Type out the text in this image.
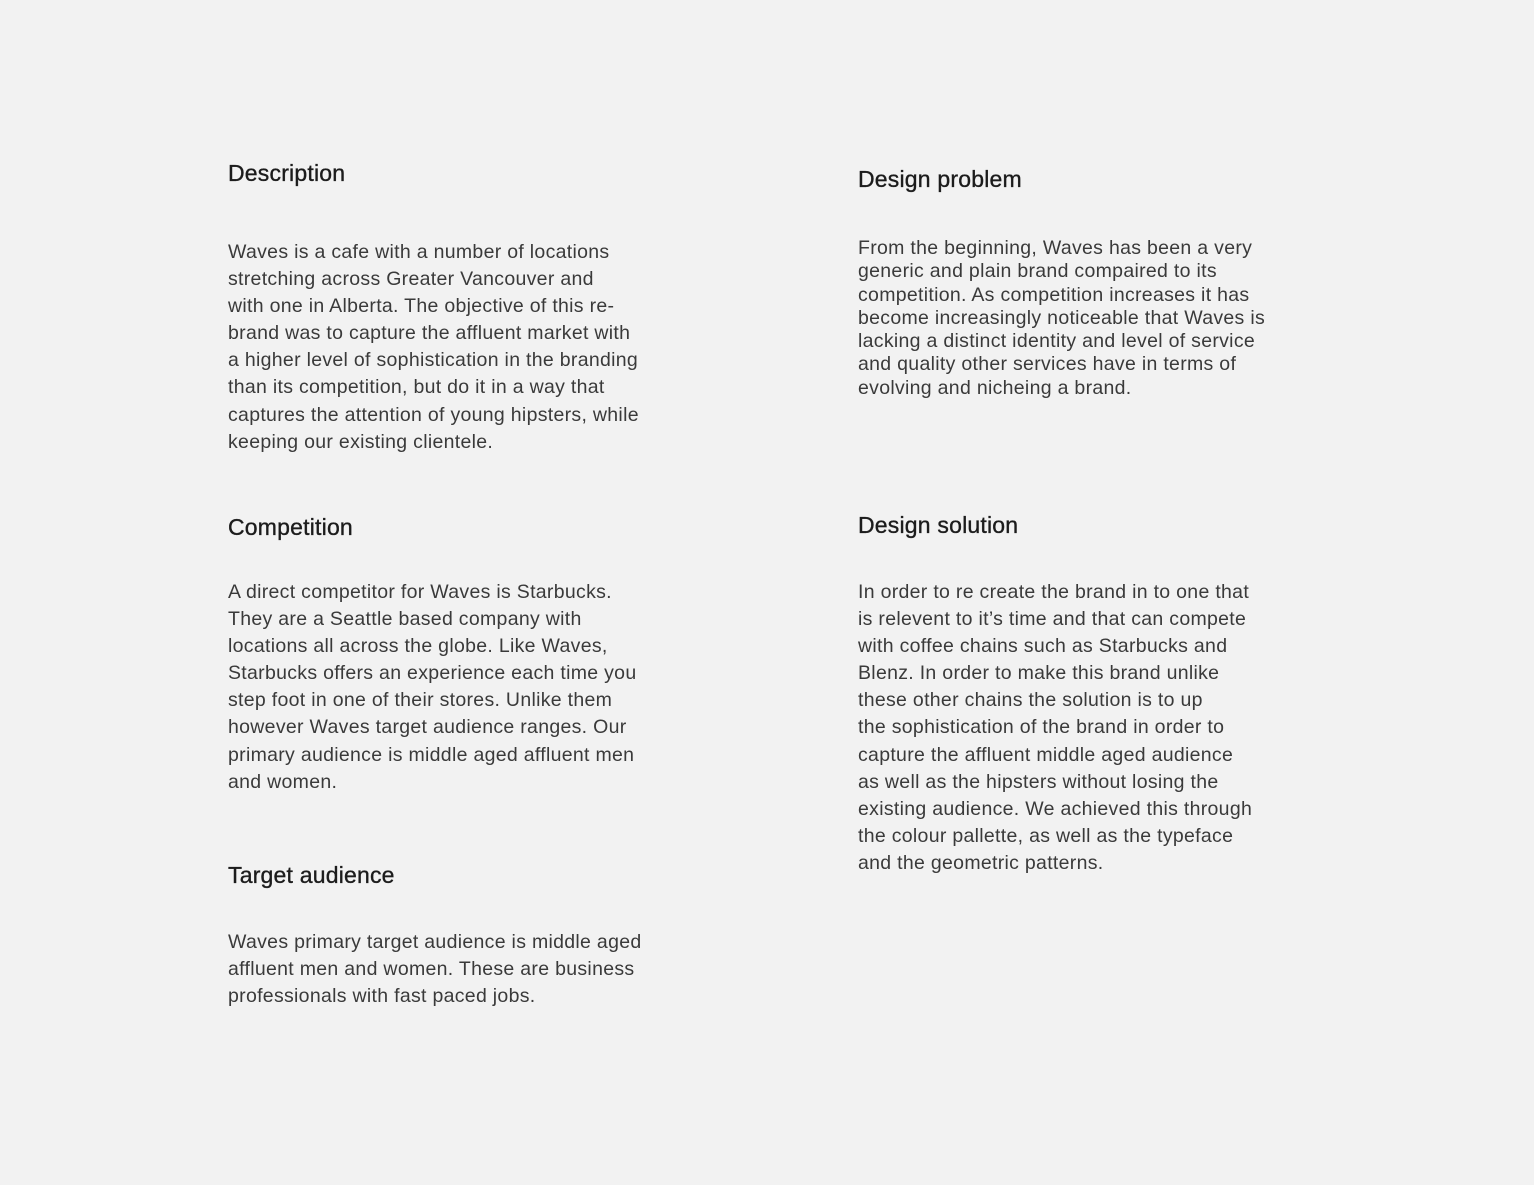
Description

Waves is a cafe with a number of locations
stretching across Greater Vancouver and
with one in Alberta. The objective of this re-
brand was to capture the affluent market with
a higher level of sophistication in the branding
than its competition, but do it in a way that
captures the attention of young hipsters, while
keeping our existing clientele.

Competition

A direct competitor for Waves is Starbucks.
They are a Seattle based company with
locations all across the globe. Like Waves,
Starbucks offers an experience each time you
step foot in one of their stores. Unlike them
however Waves target audience ranges. Our
primary audience is middle aged affluent men
and women.

Target audience

Waves primary target audience is middle aged
affluent men and women. These are business
professionals with fast paced jobs.

Design problem

From the beginning, Waves has been a very
generic and plain brand compaired to its
competition. As competition increases it has
become increasingly noticeable that Waves is
lacking a distinct identity and level of service
and quality other services have in terms of
evolving and nicheing a brand.

Design solution

In order to re create the brand in to one that
is relevent to it’s time and that can compete
with coffee chains such as Starbucks and
Blenz. In order to make this brand unlike
these other chains the solution is to up
the sophistication of the brand in order to
capture the affluent middle aged audience
as well as the hipsters without losing the
existing audience. We achieved this through
the colour pallette, as well as the typeface
and the geometric patterns.
